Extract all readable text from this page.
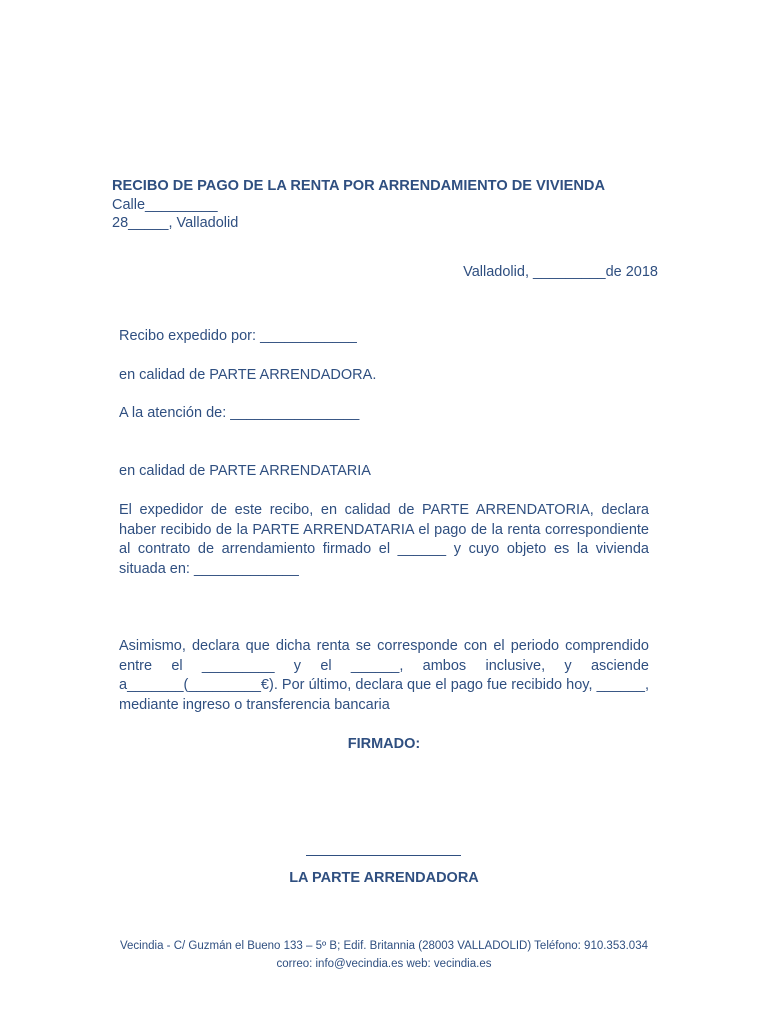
RECIBO DE PAGO DE LA RENTA POR ARRENDAMIENTO DE VIVIENDA
Calle_________
28_____, Valladolid
Valladolid, _________de 2018
Recibo expedido por: ____________
en calidad de PARTE ARRENDADORA.
A la atención de: ________________
en calidad de PARTE ARRENDATARIA
El expedidor de este recibo, en calidad de PARTE ARRENDATORIA, declara haber recibido de la PARTE ARRENDATARIA el pago de la renta correspondiente al contrato de arrendamiento firmado el ______ y cuyo objeto es la vivienda situada en: _____________
Asimismo, declara que dicha renta se corresponde con el periodo comprendido entre el _________ y el ______, ambos inclusive, y asciende a_______(_________€). Por último, declara que el pago fue recibido hoy, ______, mediante ingreso o transferencia bancaria
FIRMADO:
LA PARTE ARRENDADORA
Vecindia - C/ Guzmán el Bueno 133 – 5º B; Edif. Britannia (28003 VALLADOLID) Teléfono: 910.353.034
correo: info@vecindia.es web: vecindia.es
